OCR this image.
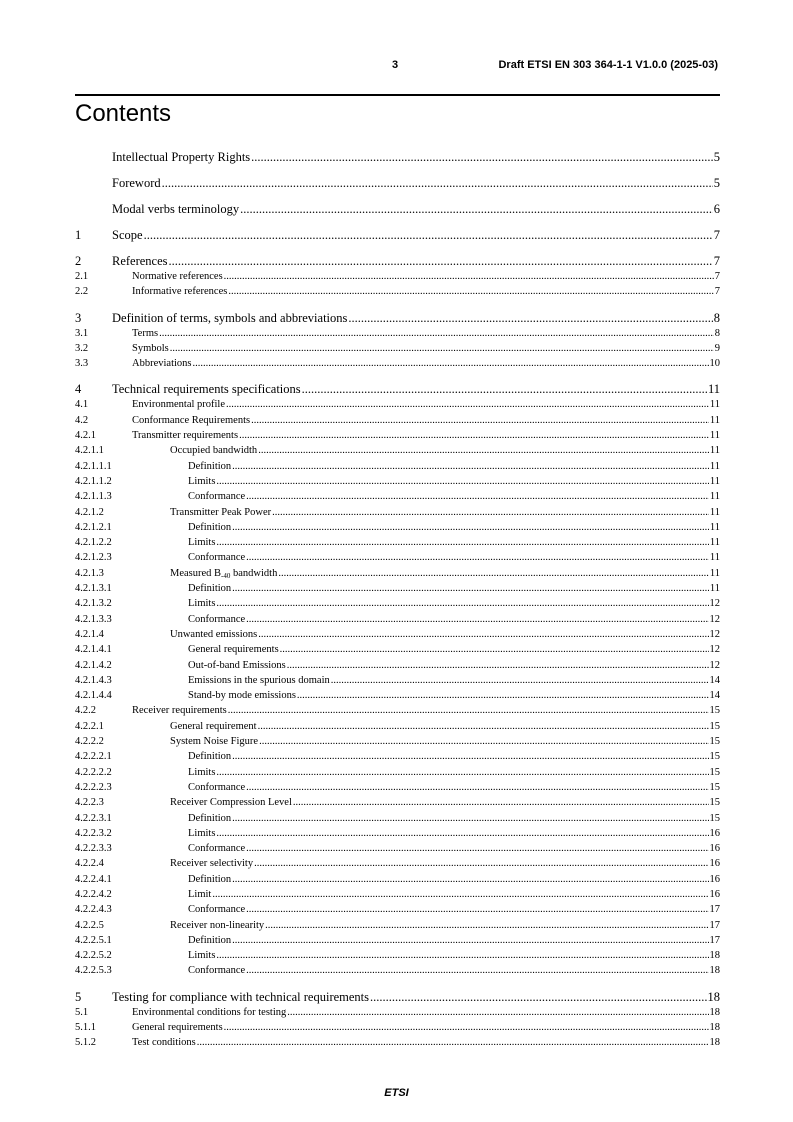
3	Draft ETSI EN 303 364-1-1 V1.0.0 (2025-03)
Contents
Intellectual Property Rights .....	5
Foreword .....	5
Modal verbs terminology .....	6
1	Scope .....	7
2	References .....	7
2.1	Normative references .....	7
2.2	Informative references .....	7
3	Definition of terms, symbols and abbreviations .....	8
3.1	Terms .....	8
3.2	Symbols .....	9
3.3	Abbreviations .....	10
4	Technical requirements specifications .....	11
4.1	Environmental profile .....	11
4.2	Conformance Requirements .....	11
4.2.1	Transmitter requirements .....	11
4.2.1.1	Occupied bandwidth .....	11
4.2.1.1.1	Definition .....	11
4.2.1.1.2	Limits .....	11
4.2.1.1.3	Conformance .....	11
4.2.1.2	Transmitter Peak Power .....	11
4.2.1.2.1	Definition .....	11
4.2.1.2.2	Limits .....	11
4.2.1.2.3	Conformance .....	11
4.2.1.3	Measured $B_{-40}$ bandwidth .....	11
4.2.1.3.1	Definition .....	11
4.2.1.3.2	Limits .....	12
4.2.1.3.3	Conformance .....	12
4.2.1.4	Unwanted emissions .....	12
4.2.1.4.1	General requirements .....	12
4.2.1.4.2	Out-of-band Emissions .....	12
4.2.1.4.3	Emissions in the spurious domain .....	14
4.2.1.4.4	Stand-by mode emissions .....	14
4.2.2	Receiver requirements .....	15
4.2.2.1	General requirement .....	15
4.2.2.2	System Noise Figure .....	15
4.2.2.2.1	Definition .....	15
4.2.2.2.2	Limits .....	15
4.2.2.2.3	Conformance .....	15
4.2.2.3	Receiver Compression Level .....	15
4.2.2.3.1	Definition .....	15
4.2.2.3.2	Limits .....	16
4.2.2.3.3	Conformance .....	16
4.2.2.4	Receiver selectivity .....	16
4.2.2.4.1	Definition .....	16
4.2.2.4.2	Limit .....	16
4.2.2.4.3	Conformance .....	17
4.2.2.5	Receiver non-linearity .....	17
4.2.2.5.1	Definition .....	17
4.2.2.5.2	Limits .....	18
4.2.2.5.3	Conformance .....	18
5	Testing for compliance with technical requirements .....	18
5.1	Environmental conditions for testing .....	18
5.1.1	General requirements .....	18
5.1.2	Test conditions .....	18
ETSI
